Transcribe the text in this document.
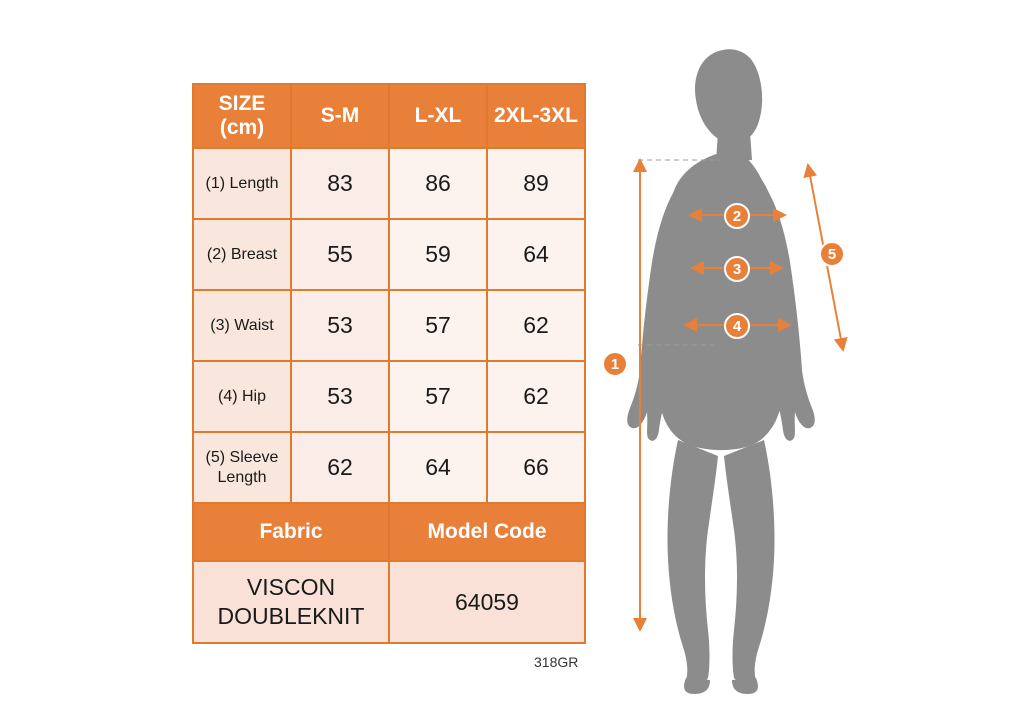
SIZE (cm)	S-M	L-XL	2XL-3XL
(1) Length	83	86	89
(2) Breast	55	59	64
(3) Waist	53	57	62
(4) Hip	53	57	62
(5) Sleeve Length	62	64	66
Fabric		Model Code	
VISCON DOUBLEKNIT		64059	
318GR
1
2
3
4
5
